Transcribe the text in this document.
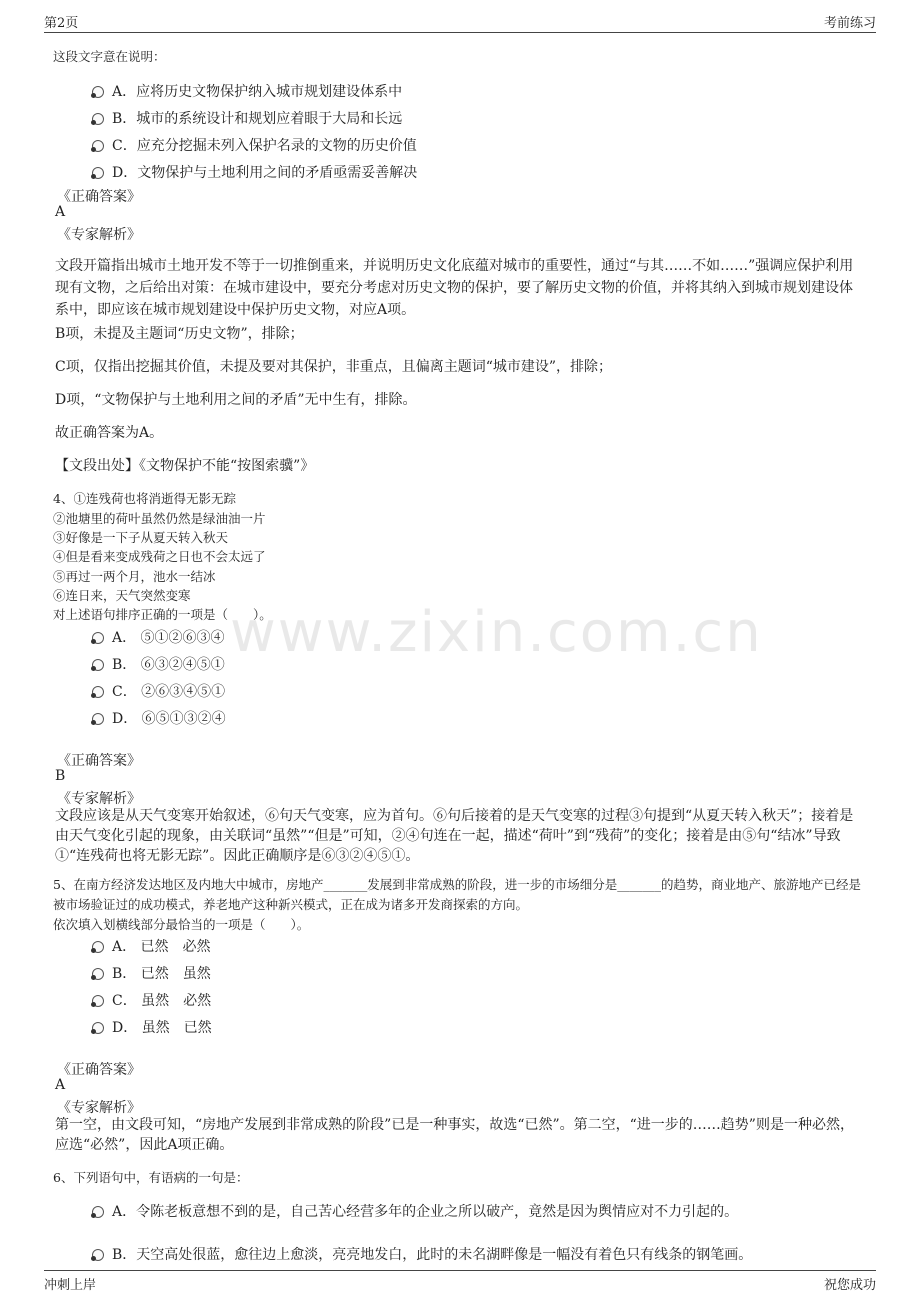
第2页	考前练习
www.zixin.com.cn
这段文字意在说明：
A．应将历史文物保护纳入城市规划建设体系中
B．城市的系统设计和规划应着眼于大局和长远
C．应充分挖掘未列入保护名录的文物的历史价值
D．文物保护与土地利用之间的矛盾亟需妥善解决
《正确答案》
A
《专家解析》
文段开篇指出城市土地开发不等于一切推倒重来，并说明历史文化底蕴对城市的重要性，通过“与其……不如……”强调应保护利用现有文物，之后给出对策：在城市建设中，要充分考虑对历史文物的保护，要了解历史文物的价值，并将其纳入到城市规划建设体系中，即应该在城市规划建设中保护历史文物，对应A项。
B项，未提及主题词“历史文物”，排除；
C项，仅指出挖掘其价值，未提及要对其保护，非重点，且偏离主题词“城市建设”，排除；
D项，“文物保护与土地利用之间的矛盾”无中生有，排除。
故正确答案为A。
【文段出处】《文物保护不能“按图索骥”》
4、①连残荷也将消逝得无影无踪
②池塘里的荷叶虽然仍然是绿油油一片
③好像是一下子从夏天转入秋天
④但是看来变成残荷之日也不会太远了
⑤再过一两个月，池水一结冰
⑥连日来，天气突然变寒
对上述语句排序正确的一项是（　　）。
A． ⑤①②⑥③④
B． ⑥③②④⑤①
C． ②⑥③④⑤①
D． ⑥⑤①③②④
《正确答案》
B
《专家解析》
文段应该是从天气变寒开始叙述，⑥句天气变寒，应为首句。⑥句后接着的是天气变寒的过程③句提到“从夏天转入秋天”；接着是由天气变化引起的现象，由关联词“虽然”“但是”可知，②④句连在一起，描述“荷叶”到“残荷”的变化；接着是由⑤句“结冰”导致①“连残荷也将无影无踪”。因此正确顺序是⑥③②④⑤①。
5、在南方经济发达地区及内地大中城市，房地产_______发展到非常成熟的阶段，进一步的市场细分是_______的趋势，商业地产、旅游地产已经是被市场验证过的成功模式，养老地产这种新兴模式，正在成为诸多开发商探索的方向。
依次填入划横线部分最恰当的一项是（　　）。
A． 已然　必然
B． 已然　虽然
C． 虽然　必然
D． 虽然　已然
《正确答案》
A
《专家解析》
第一空，由文段可知，“房地产发展到非常成熟的阶段”已是一种事实，故选“已然”。第二空，“进一步的……趋势”则是一种必然，应选“必然”，因此A项正确。
6、下列语句中，有语病的一句是：
A．令陈老板意想不到的是，自己苦心经营多年的企业之所以破产，竟然是因为舆情应对不力引起的。
B．天空高处很蓝，愈往边上愈淡，亮亮地发白，此时的未名湖畔像是一幅没有着色只有线条的钢笔画。
冲刺上岸	祝您成功
